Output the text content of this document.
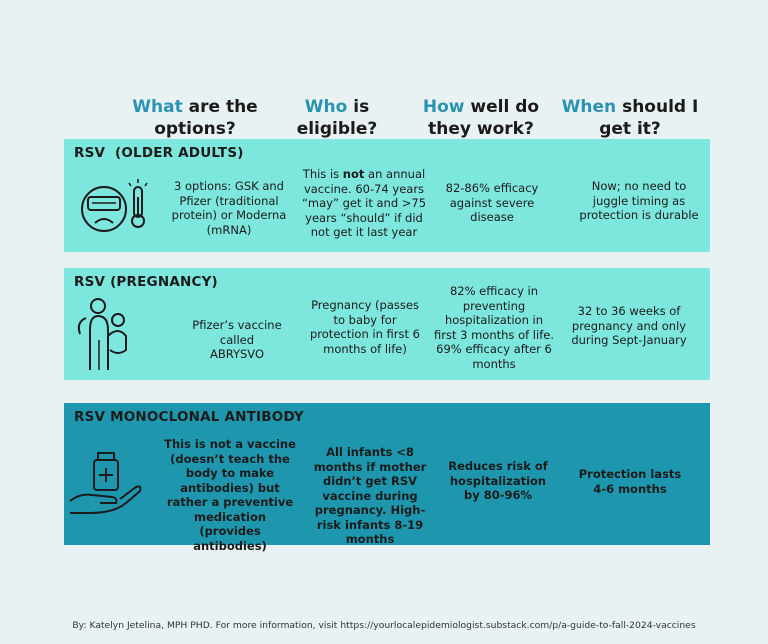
What are the options?
Who is eligible?
How well do they work?
When should I get it?
RSV  (OLDER ADULTS)
3 options: GSK and Pfizer (traditional protein) or Moderna (mRNA)
This is not an annual vaccine. 60-74 years “may” get it and >75 years “should” if did not get it last year
82-86% efficacy against severe disease
Now; no need to juggle timing as protection is durable
RSV (PREGNANCY)
Pfizer’s vaccine called ABRYSVO
Pregnancy (passes to baby for protection in first 6 months of life)
82% efficacy in preventing hospitalization in first 3 months of life. 69% efficacy after 6 months
32 to 36 weeks of pregnancy and only during Sept-January
RSV MONOCLONAL ANTIBODY
This is not a vaccine (doesn’t teach the body to make antibodies) but rather a preventive medication (provides antibodies)
All infants <8 months if mother didn’t get RSV vaccine during pregnancy. High-risk infants 8-19 months
Reduces risk of hospitalization by 80-96%
Protection lasts 4-6 months
By: Katelyn Jetelina, MPH PHD. For more information, visit https://yourlocalepidemiologist.substack.com/p/a-guide-to-fall-2024-vaccines
